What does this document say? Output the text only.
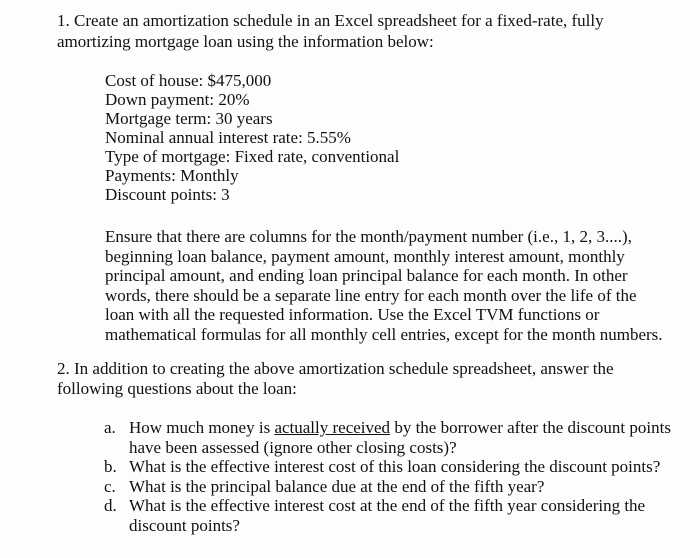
1. Create an amortization schedule in an Excel spreadsheet for a fixed-rate, fully amortizing mortgage loan using the information below:
Cost of house: $475,000
Down payment: 20%
Mortgage term: 30 years
Nominal annual interest rate: 5.55%
Type of mortgage: Fixed rate, conventional
Payments: Monthly
Discount points: 3
Ensure that there are columns for the month/payment number (i.e., 1, 2, 3....), beginning loan balance, payment amount, monthly interest amount, monthly principal amount, and ending loan principal balance for each month. In other words, there should be a separate line entry for each month over the life of the loan with all the requested information. Use the Excel TVM functions or mathematical formulas for all monthly cell entries, except for the month numbers.
2. In addition to creating the above amortization schedule spreadsheet, answer the following questions about the loan:
a. How much money is actually received by the borrower after the discount points have been assessed (ignore other closing costs)?
b. What is the effective interest cost of this loan considering the discount points?
c. What is the principal balance due at the end of the fifth year?
d. What is the effective interest cost at the end of the fifth year considering the discount points?
